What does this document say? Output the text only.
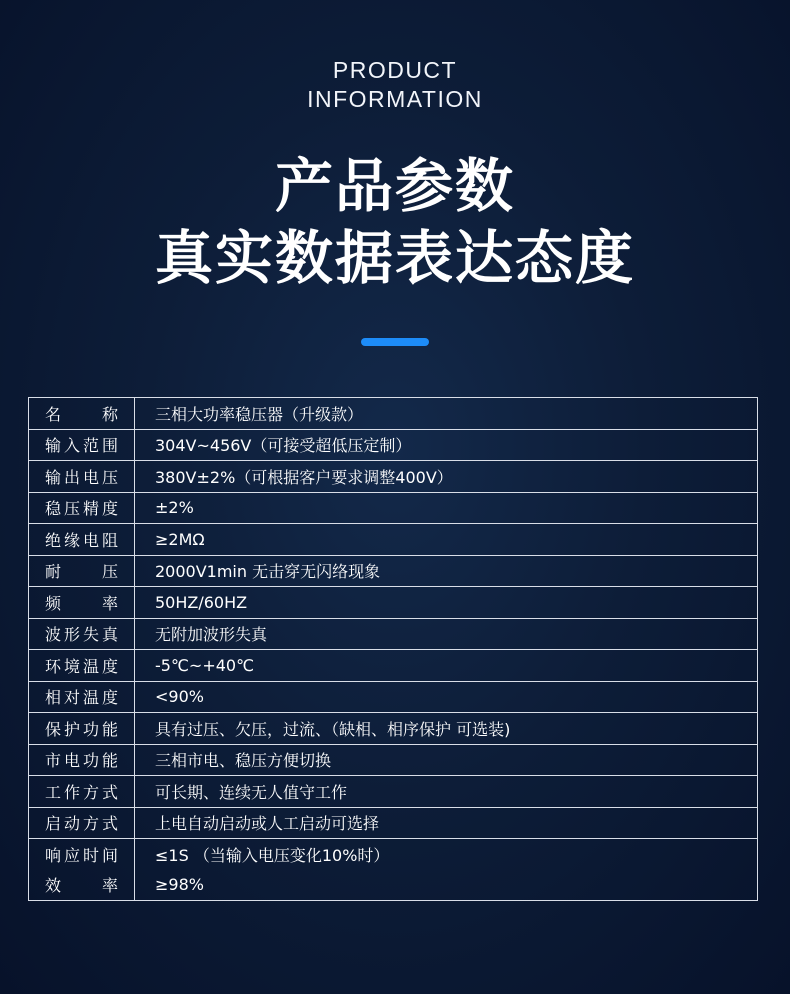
PRODUCT
INFORMATION
产品参数
真实数据表达态度
名称	三相大功率稳压器（升级款）
输入范围	304V~456V（可接受超低压定制）
输出电压	380V±2%（可根据客户要求调整400V）
稳压精度	±2%
绝缘电阻	≥2MΩ
耐压	2000V1min 无击穿无闪络现象
频率	50HZ/60HZ
波形失真	无附加波形失真
环境温度	-5℃~+40℃
相对温度	<90%
保护功能	具有过压、欠压，过流、（缺相、相序保护 可选装)
市电功能	三相市电、稳压方便切换
工作方式	可长期、连续无人值守工作
启动方式	上电自动启动或人工启动可选择
响应时间	≤1S （当输入电压变化10%时）
效率	≥98%
